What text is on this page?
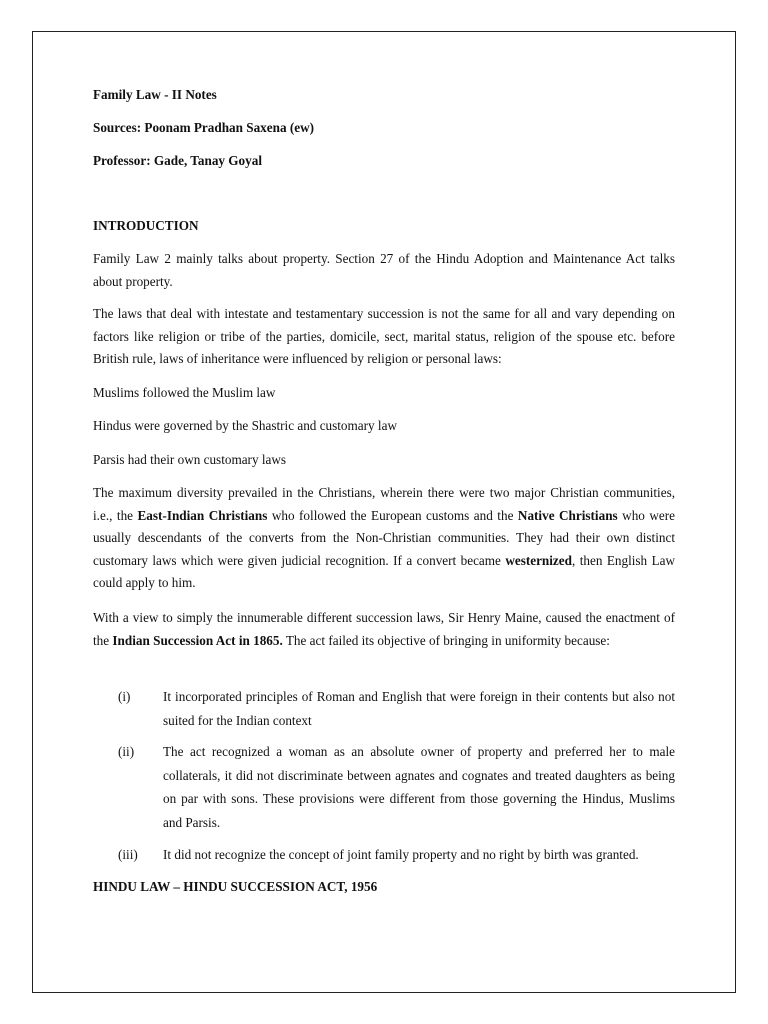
Family Law - II Notes

Sources: Poonam Pradhan Saxena (ew)

Professor: Gade, Tanay Goyal

INTRODUCTION

Family Law 2 mainly talks about property. Section 27 of the Hindu Adoption and Maintenance Act talks about property.

The laws that deal with intestate and testamentary succession is not the same for all and vary depending on factors like religion or tribe of the parties, domicile, sect, marital status, religion of the spouse etc. before British rule, laws of inheritance were influenced by religion or personal laws:

Muslims followed the Muslim law

Hindus were governed by the Shastric and customary law

Parsis had their own customary laws

The maximum diversity prevailed in the Christians, wherein there were two major Christian communities, i.e., the East-Indian Christians who followed the European customs and the Native Christians who were usually descendants of the converts from the Non-Christian communities. They had their own distinct customary laws which were given judicial recognition. If a convert became westernized, then English Law could apply to him.

With a view to simply the innumerable different succession laws, Sir Henry Maine, caused the enactment of the Indian Succession Act in 1865. The act failed its objective of bringing in uniformity because:

(i) It incorporated principles of Roman and English that were foreign in their contents but also not suited for the Indian context

(ii) The act recognized a woman as an absolute owner of property and preferred her to male collaterals, it did not discriminate between agnates and cognates and treated daughters as being on par with sons. These provisions were different from those governing the Hindus, Muslims and Parsis.

(iii) It did not recognize the concept of joint family property and no right by birth was granted.

HINDU LAW – HINDU SUCCESSION ACT, 1956
